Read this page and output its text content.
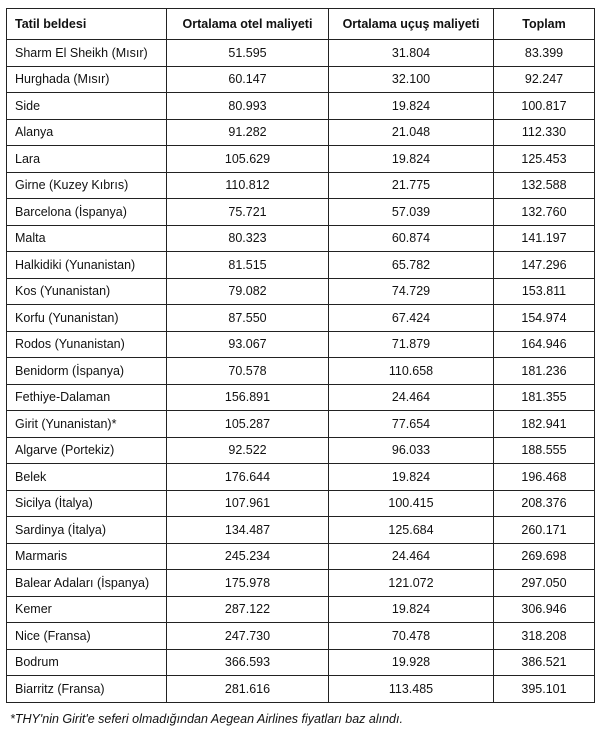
Tatil beldesi	Ortalama otel maliyeti	Ortalama uçuş maliyeti	Toplam
Sharm El Sheikh (Mısır)	51.595	31.804	83.399
Hurghada (Mısır)	60.147	32.100	92.247
Side	80.993	19.824	100.817
Alanya	91.282	21.048	112.330
Lara	105.629	19.824	125.453
Girne (Kuzey Kıbrıs)	110.812	21.775	132.588
Barcelona (İspanya)	75.721	57.039	132.760
Malta	80.323	60.874	141.197
Halkidiki (Yunanistan)	81.515	65.782	147.296
Kos (Yunanistan)	79.082	74.729	153.811
Korfu (Yunanistan)	87.550	67.424	154.974
Rodos (Yunanistan)	93.067	71.879	164.946
Benidorm (İspanya)	70.578	110.658	181.236
Fethiye-Dalaman	156.891	24.464	181.355
Girit (Yunanistan)*	105.287	77.654	182.941
Algarve (Portekiz)	92.522	96.033	188.555
Belek	176.644	19.824	196.468
Sicilya (İtalya)	107.961	100.415	208.376
Sardinya (İtalya)	134.487	125.684	260.171
Marmaris	245.234	24.464	269.698
Balear Adaları (İspanya)	175.978	121.072	297.050
Kemer	287.122	19.824	306.946
Nice (Fransa)	247.730	70.478	318.208
Bodrum	366.593	19.928	386.521
Biarritz (Fransa)	281.616	113.485	395.101
*THY'nin Girit'e seferi olmadığından Aegean Airlines fiyatları baz alındı.
